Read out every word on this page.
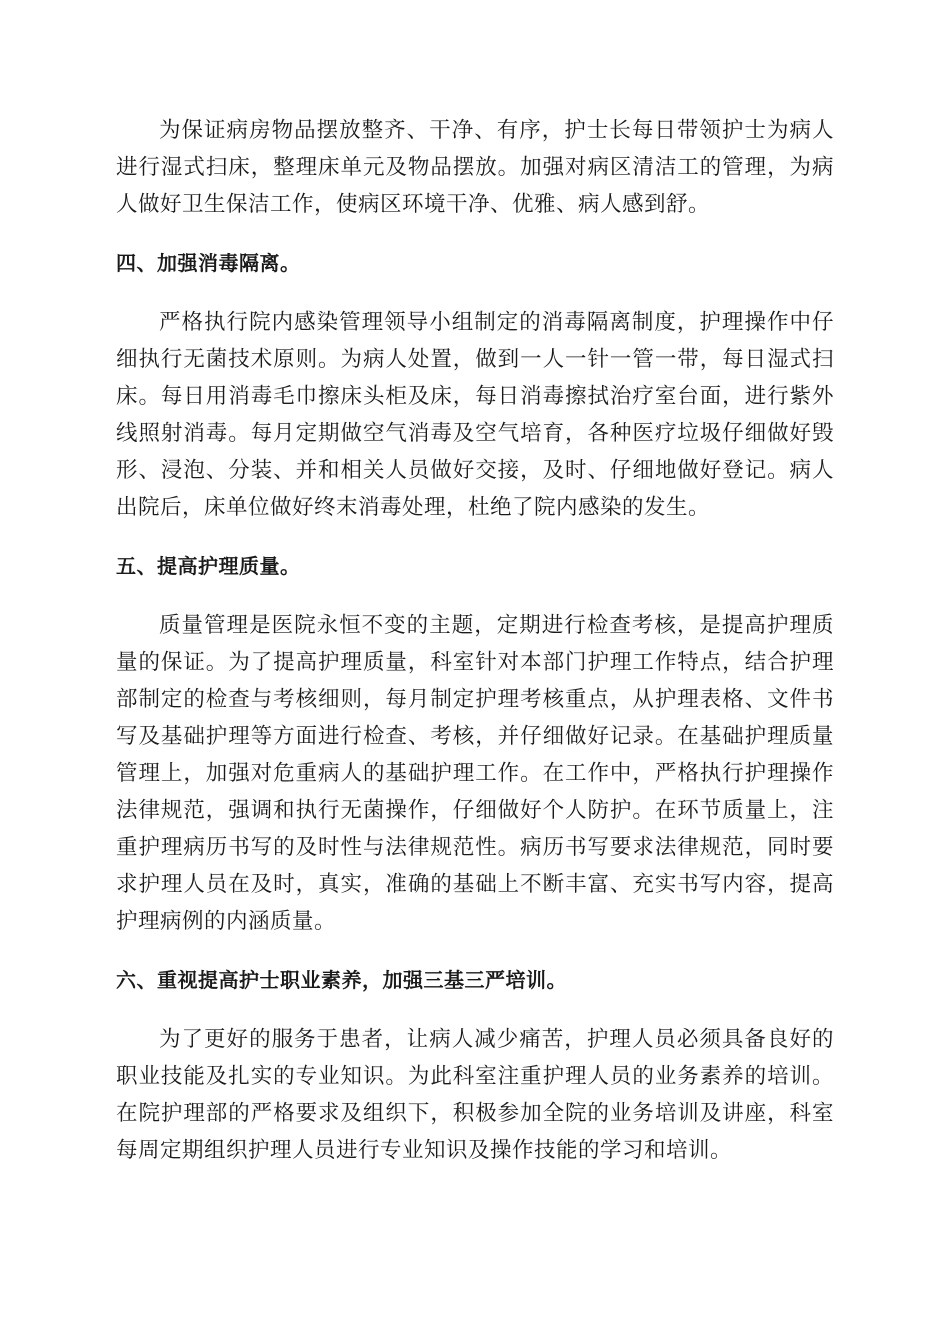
为保证病房物品摆放整齐、干净、有序，护士长每日带领护士为病人进行湿式扫床，整理床单元及物品摆放。加强对病区清洁工的管理，为病人做好卫生保洁工作，使病区环境干净、优雅、病人感到舒。

四、加强消毒隔离。

严格执行院内感染管理领导小组制定的消毒隔离制度，护理操作中仔细执行无菌技术原则。为病人处置，做到一人一针一管一带，每日湿式扫床。每日用消毒毛巾擦床头柜及床，每日消毒擦拭治疗室台面，进行紫外线照射消毒。每月定期做空气消毒及空气培育，各种医疗垃圾仔细做好毁形、浸泡、分装、并和相关人员做好交接，及时、仔细地做好登记。病人出院后，床单位做好终末消毒处理，杜绝了院内感染的发生。

五、提高护理质量。

质量管理是医院永恒不变的主题，定期进行检查考核，是提高护理质量的保证。为了提高护理质量，科室针对本部门护理工作特点，结合护理部制定的检查与考核细则，每月制定护理考核重点，从护理表格、文件书写及基础护理等方面进行检查、考核，并仔细做好记录。在基础护理质量管理上，加强对危重病人的基础护理工作。在工作中，严格执行护理操作法律规范，强调和执行无菌操作，仔细做好个人防护。在环节质量上，注重护理病历书写的及时性与法律规范性。病历书写要求法律规范，同时要求护理人员在及时，真实，准确的基础上不断丰富、充实书写内容，提高护理病例的内涵质量。

六、重视提高护士职业素养，加强三基三严培训。

为了更好的服务于患者，让病人减少痛苦，护理人员必须具备良好的职业技能及扎实的专业知识。为此科室注重护理人员的业务素养的培训。在院护理部的严格要求及组织下，积极参加全院的业务培训及讲座，科室每周定期组织护理人员进行专业知识及操作技能的学习和培训。
